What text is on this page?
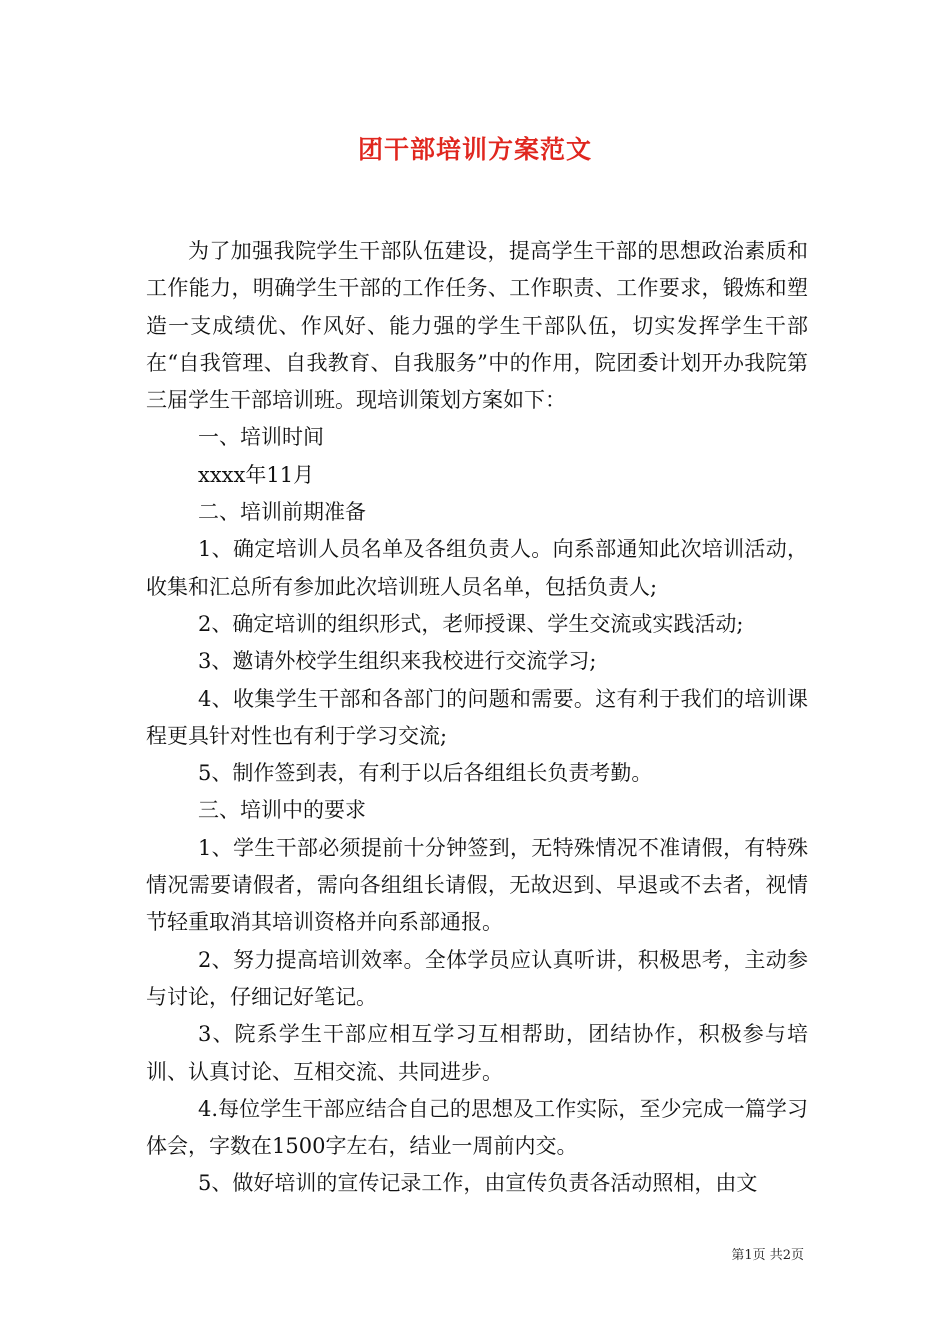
团干部培训方案范文

为了加强我院学生干部队伍建设，提高学生干部的思想政治素质和工作能力，明确学生干部的工作任务、工作职责、工作要求，锻炼和塑造一支成绩优、作风好、能力强的学生干部队伍，切实发挥学生干部在“自我管理、自我教育、自我服务”中的作用，院团委计划开办我院第三届学生干部培训班。现培训策划方案如下：

一、培训时间

xxxx年11月

二、培训前期准备

1、确定培训人员名单及各组负责人。向系部通知此次培训活动，收集和汇总所有参加此次培训班人员名单，包括负责人;

2、确定培训的组织形式，老师授课、学生交流或实践活动;

3、邀请外校学生组织来我校进行交流学习;

4、收集学生干部和各部门的问题和需要。这有利于我们的培训课程更具针对性也有利于学习交流;

5、制作签到表，有利于以后各组组长负责考勤。

三、培训中的要求

1、学生干部必须提前十分钟签到，无特殊情况不准请假，有特殊情况需要请假者，需向各组组长请假，无故迟到、早退或不去者，视情节轻重取消其培训资格并向系部通报。

2、努力提高培训效率。全体学员应认真听讲，积极思考，主动参与讨论，仔细记好笔记。

3、院系学生干部应相互学习互相帮助，团结协作，积极参与培训、认真讨论、互相交流、共同进步。

4.每位学生干部应结合自己的思想及工作实际，至少完成一篇学习体会，字数在1500字左右，结业一周前内交。

5、做好培训的宣传记录工作，由宣传负责各活动照相，由文

第1页 共2页
